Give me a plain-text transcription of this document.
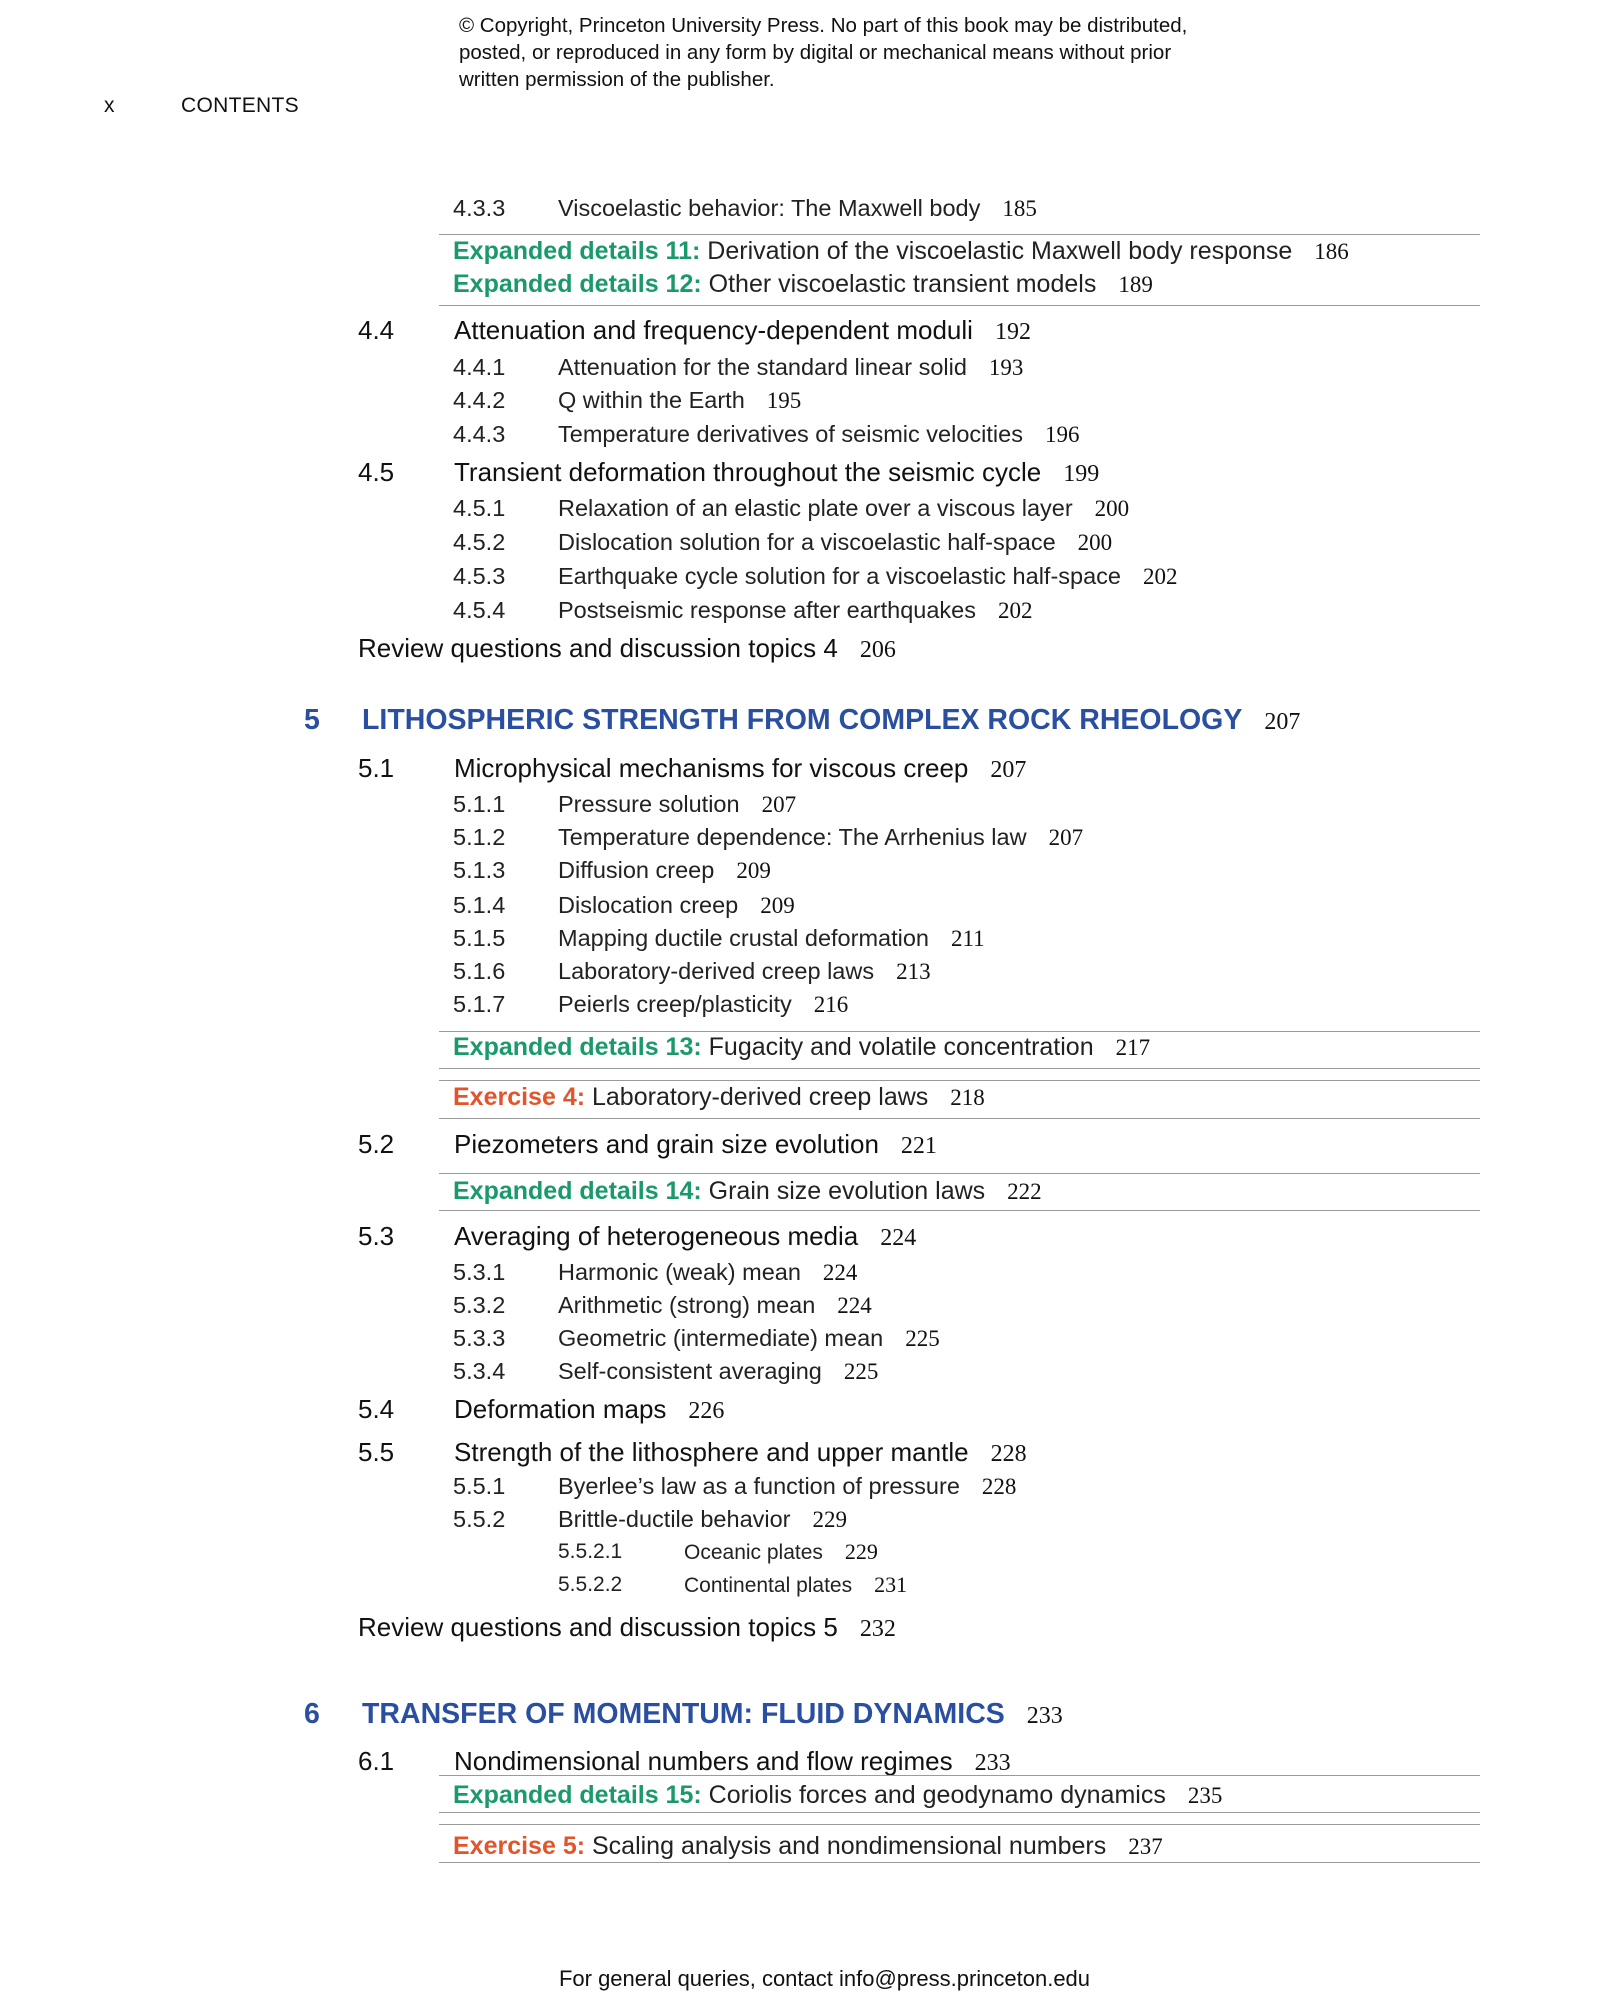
© Copyright, Princeton University Press. No part of this book may be distributed, posted, or reproduced in any form by digital or mechanical means without prior written permission of the publisher.
x	CONTENTS
4.3.3 Viscoelastic behavior: The Maxwell body 185
Expanded details 11: Derivation of the viscoelastic Maxwell body response 186
Expanded details 12: Other viscoelastic transient models 189
4.4 Attenuation and frequency-dependent moduli 192
4.4.1 Attenuation for the standard linear solid 193
4.4.2 Q within the Earth 195
4.4.3 Temperature derivatives of seismic velocities 196
4.5 Transient deformation throughout the seismic cycle 199
4.5.1 Relaxation of an elastic plate over a viscous layer 200
4.5.2 Dislocation solution for a viscoelastic half-space 200
4.5.3 Earthquake cycle solution for a viscoelastic half-space 202
4.5.4 Postseismic response after earthquakes 202
Review questions and discussion topics 4 206
5 LITHOSPHERIC STRENGTH FROM COMPLEX ROCK RHEOLOGY 207
5.1 Microphysical mechanisms for viscous creep 207
5.1.1 Pressure solution 207
5.1.2 Temperature dependence: The Arrhenius law 207
5.1.3 Diffusion creep 209
5.1.4 Dislocation creep 209
5.1.5 Mapping ductile crustal deformation 211
5.1.6 Laboratory-derived creep laws 213
5.1.7 Peierls creep/plasticity 216
Expanded details 13: Fugacity and volatile concentration 217
Exercise 4: Laboratory-derived creep laws 218
5.2 Piezometers and grain size evolution 221
Expanded details 14: Grain size evolution laws 222
5.3 Averaging of heterogeneous media 224
5.3.1 Harmonic (weak) mean 224
5.3.2 Arithmetic (strong) mean 224
5.3.3 Geometric (intermediate) mean 225
5.3.4 Self-consistent averaging 225
5.4 Deformation maps 226
5.5 Strength of the lithosphere and upper mantle 228
5.5.1 Byerlee’s law as a function of pressure 228
5.5.2 Brittle-ductile behavior 229
5.5.2.1	Oceanic plates 229
5.5.2.2	Continental plates 231
Review questions and discussion topics 5 232
6 TRANSFER OF MOMENTUM: FLUID DYNAMICS 233
6.1 Nondimensional numbers and flow regimes 233
Expanded details 15: Coriolis forces and geodynamo dynamics 235
Exercise 5: Scaling analysis and nondimensional numbers 237
For general queries, contact info@press.princeton.edu
